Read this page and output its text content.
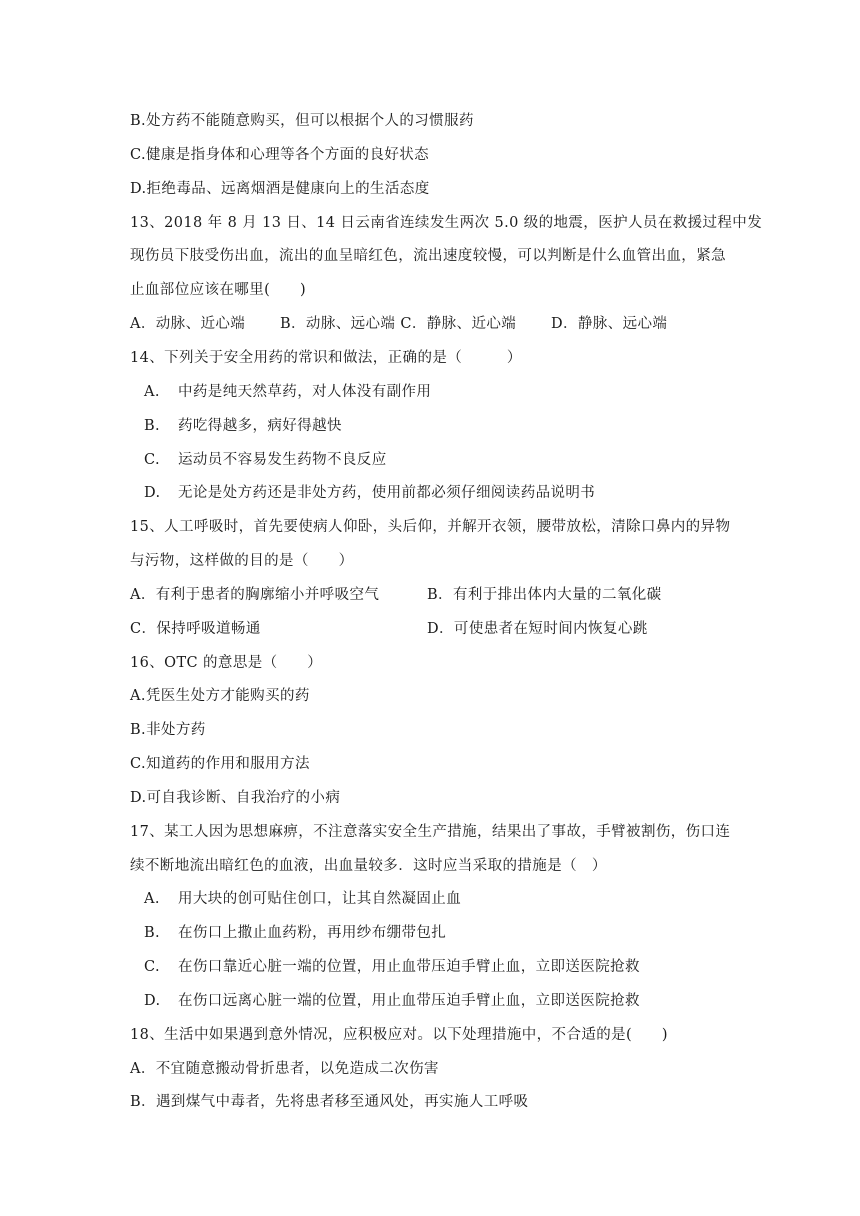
B.处方药不能随意购买，但可以根据个人的习惯服药
C.健康是指身体和心理等各个方面的良好状态
D.拒绝毒品、远离烟酒是健康向上的生活态度
13、2018 年 8 月 13 日、14 日云南省连续发生两次 5.0 级的地震，医护人员在救援过程中发
现伤员下肢受伤出血，流出的血呈暗红色，流出速度较慢，可以判断是什么血管出血，紧急
止血部位应该在哪里(　　)
A．动脉、近心端　　 B．动脉、远心端 C．静脉、近心端　　 D．静脉、远心端
14、下列关于安全用药的常识和做法，正确的是（　　　）
A. 中药是纯天然草药，对人体没有副作用
B. 药吃得越多，病好得越快
C. 运动员不容易发生药物不良反应
D. 无论是处方药还是非处方药，使用前都必须仔细阅读药品说明书
15、人工呼吸时，首先要使病人仰卧，头后仰，并解开衣领，腰带放松，清除口鼻内的异物
与污物，这样做的目的是（　　）
A．有利于患者的胸廓缩小并呼吸空气	B．有利于排出体内大量的二氧化碳
C．保持呼吸道畅通	D．可使患者在短时间内恢复心跳
16、OTC 的意思是（　　）
A.凭医生处方才能购买的药
B.非处方药
C.知道药的作用和服用方法
D.可自我诊断、自我治疗的小病
17、某工人因为思想麻痹，不注意落实安全生产措施，结果出了事故，手臂被割伤，伤口连
续不断地流出暗红色的血液，出血量较多．这时应当采取的措施是（　）
A. 用大块的创可贴住创口，让其自然凝固止血
B. 在伤口上撒止血药粉，再用纱布绷带包扎
C. 在伤口靠近心脏一端的位置，用止血带压迫手臂止血，立即送医院抢救
D. 在伤口远离心脏一端的位置，用止血带压迫手臂止血，立即送医院抢救
18、生活中如果遇到意外情况，应积极应对。以下处理措施中，不合适的是(　　)
A．不宜随意搬动骨折患者，以免造成二次伤害
B．遇到煤气中毒者，先将患者移至通风处，再实施人工呼吸
